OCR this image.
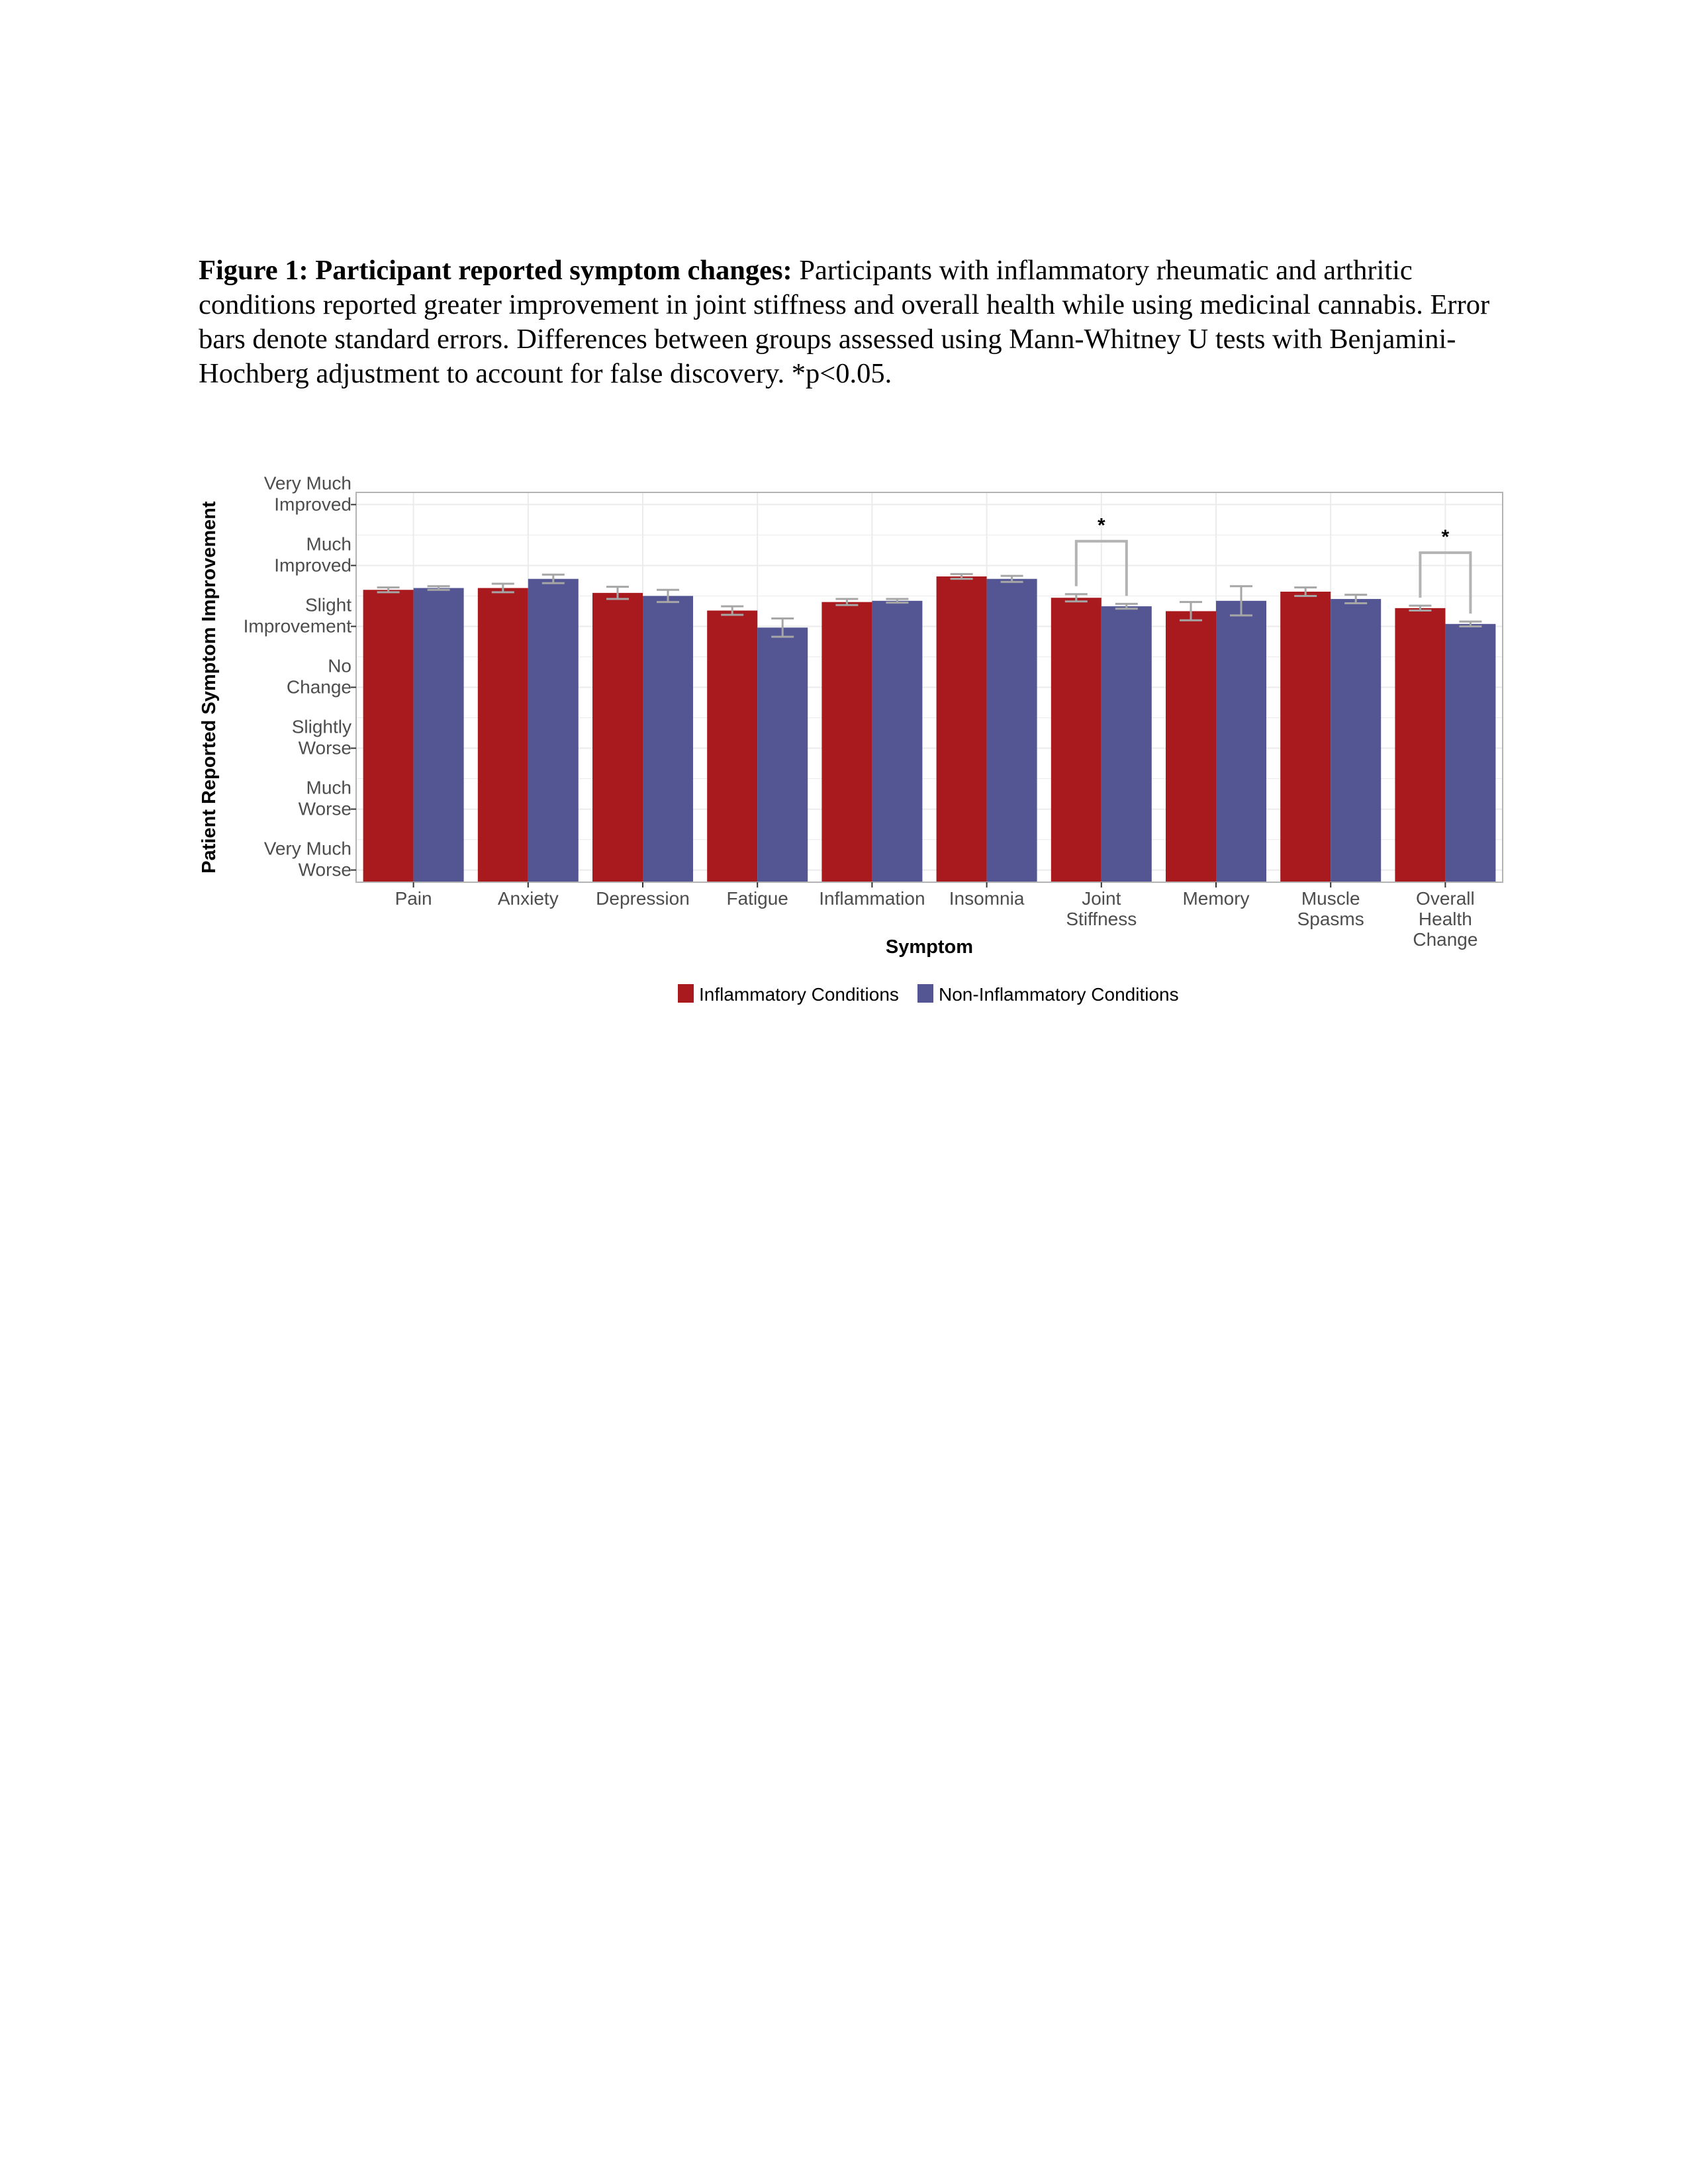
Figure 1: Participant reported symptom changes: Participants with inflammatory rheumatic and arthritic conditions reported greater improvement in joint stiffness and overall health while using medicinal cannabis. Error bars denote standard errors. Differences between groups assessed using Mann-Whitney U tests with Benjamini-Hochberg adjustment to account for false discovery. *p<0.05.

Very Much
Worse
Much
Worse
Slightly
Worse
No
Change
Slight
Improvement
Much
Improved
Very Much
Improved
Pain	Anxiety Depression Fatigue Inflammation Insomnia	Joint
Stiffness
Memory	Muscle
Spasms
Overall
Health
Change
Symptom
Patient Reported Symptom Improvement	*
*
Inflammatory Conditions Non-Inflammatory Conditions
